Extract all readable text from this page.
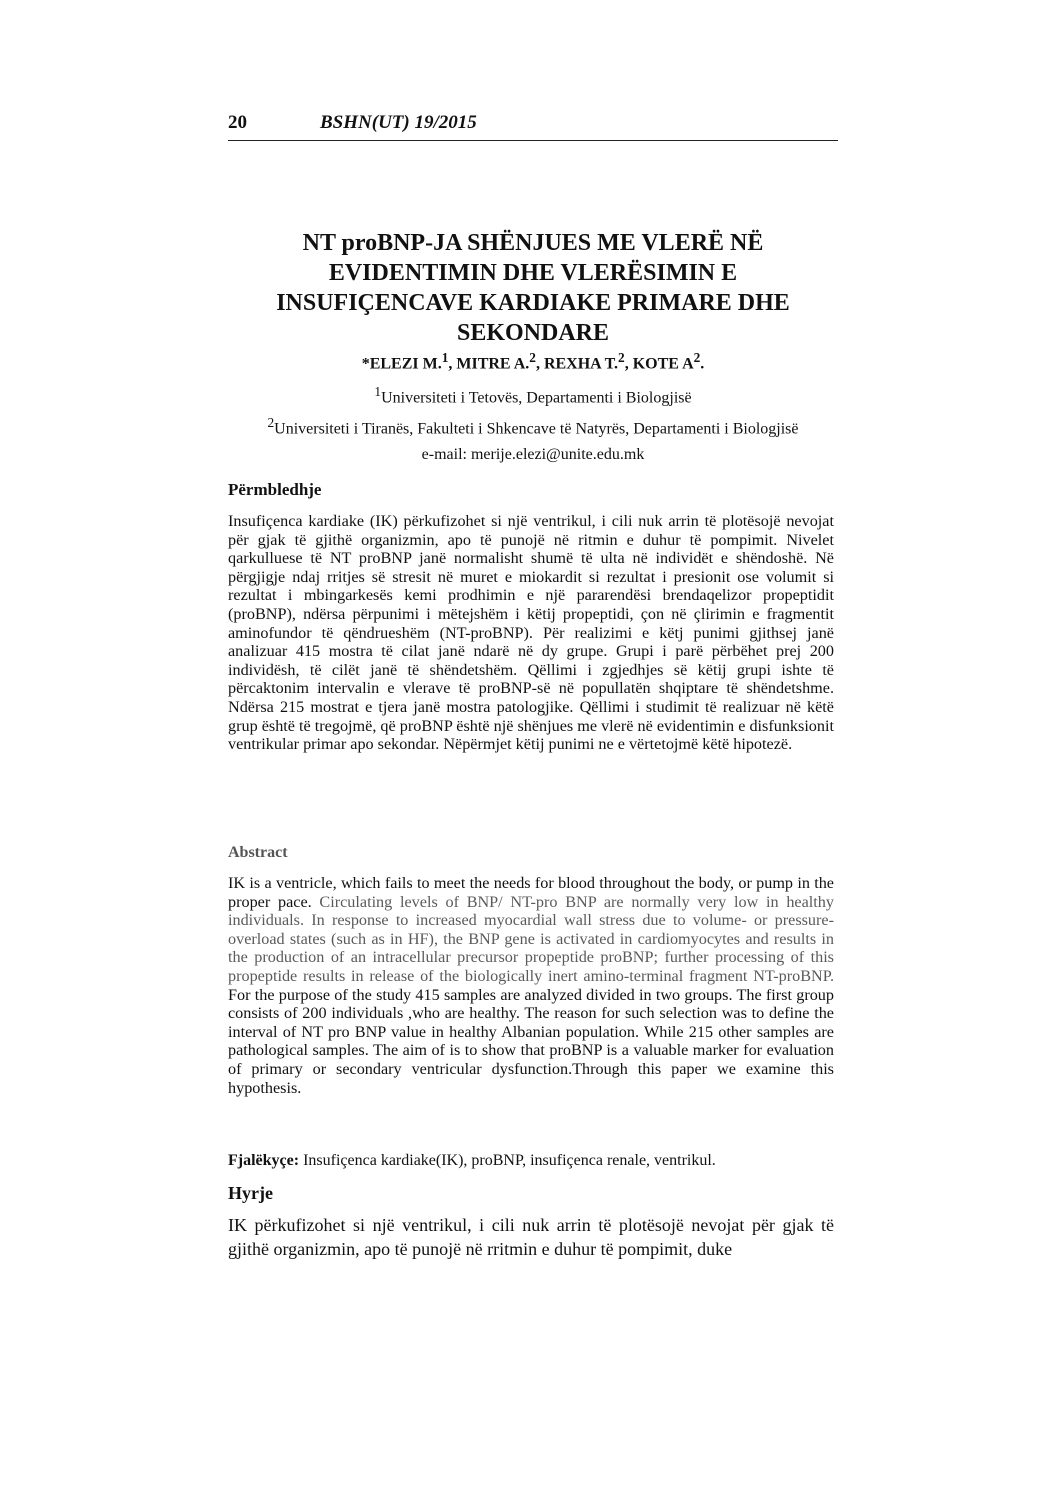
20	BSHN(UT) 19/2015
NT proBNP-JA SHËNJUES ME VLERË NË EVIDENTIMIN DHE VLERËSIMIN E INSUFIÇENCAVE KARDIAKE PRIMARE DHE SEKONDARE
*ELEZI M.$^1$, MITRE A.$^2$, REXHA T.$^2$, KOTE $A^2$.
$^1$Universiteti i Tetovës, Departamenti i Biologjisë
$^2$Universiteti i Tiranës, Fakulteti i Shkencave të Natyrës, Departamenti i Biologjisë
e-mail: merije.elezi@unite.edu.mk
Përmbledhje

Insufiçenca kardiake (IK) përkufizohet si një ventrikul, i cili nuk arrin të plotësojë nevojat për gjak të gjithë organizmin, apo të punojë në ritmin e duhur të pompimit. Nivelet qarkulluese të NT proBNP janë normalisht shumë të ulta në individët e shëndoshë. Në përgjigje ndaj rritjes së stresit në muret e miokardit si rezultat i presionit ose volumit si rezultat i mbingarkesës kemi prodhimin e një pararendësi brendaqelizor propeptidit (proBNP), ndërsa përpunimi i mëtejshëm i këtij propeptidi, çon në çlirimin e fragmentit aminofundor të qëndrueshëm (NT-proBNP). Për realizimi e këtj punimi gjithsej janë analizuar 415 mostra të cilat janë ndarë në dy grupe. Grupi i parë përbëhet prej 200 individësh, të cilët janë të shëndetshëm. Qëllimi i zgjedhjes së këtij grupi ishte të përcaktonim intervalin e vlerave të proBNP-së në popullatën shqiptare të shëndetshme. Ndërsa 215 mostrat e tjera janë mostra patologjike. Qëllimi i studimit të realizuar në këtë grup është të tregojmë, që proBNP është një shënjues me vlerë në evidentimin e disfunksionit ventrikular primar apo sekondar. Nëpërmjet këtij punimi ne e vërtetojmë këtë hipotezë.

Abstract

IK is a ventricle, which fails to meet the needs for blood throughout the body, or pump in the proper pace. Circulating levels of BNP/ NT-pro BNP are normally very low in healthy individuals. In response to increased myocardial wall stress due to volume- or pressure-overload states (such as in HF), the BNP gene is activated in cardiomyocytes and results in the production of an intracellular precursor propeptide proBNP; further processing of this propeptide results in release of the biologically inert amino-terminal fragment NT-proBNP. For the purpose of the study 415 samples are analyzed divided in two groups. The first group consists of 200 individuals ,who are healthy. The reason for such selection was to define the interval of NT pro BNP value in healthy Albanian population. While 215 other samples are pathological samples. The aim of is to show that proBNP is a valuable marker for evaluation of primary or secondary ventricular dysfunction.Through this paper we examine this hypothesis.

Fjalëkyçe: Insufiçenca kardiake(IK), proBNP, insufiçenca renale, ventrikul.

Hyrje

IK përkufizohet si një ventrikul, i cili nuk arrin të plotësojë nevojat për gjak të gjithë organizmin, apo të punojë në rritmin e duhur të pompimit, duke
